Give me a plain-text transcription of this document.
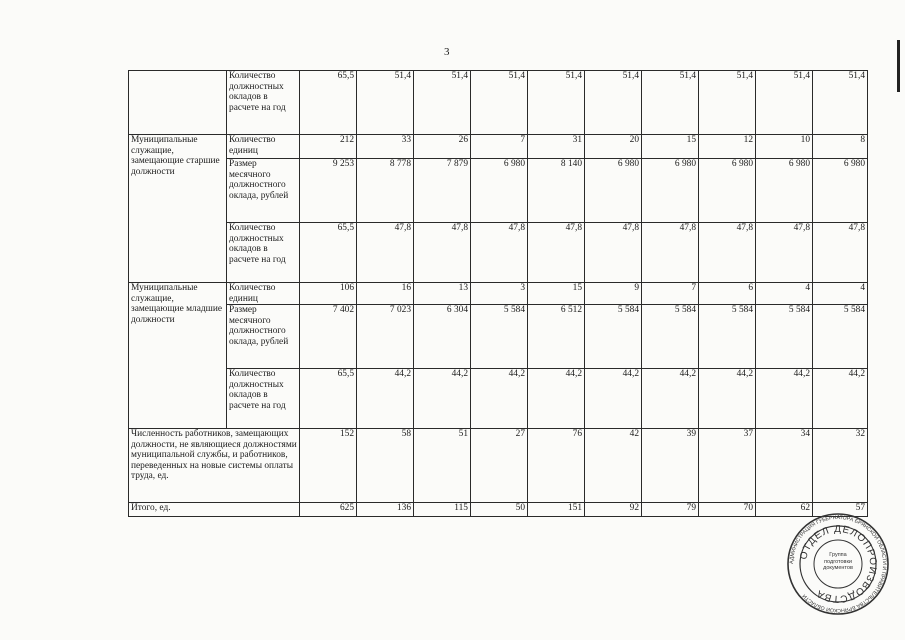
3
	Количество должностных окладов в расчете на год	65,5	51,4	51,4	51,4	51,4	51,4	51,4	51,4	51,4	51,4
Муниципальные служащие, замещающие старшие должности	Количество единиц	212	33	26	7	31	20	15	12	10	8
	Размер месячного должностного оклада, рублей	9 253	8 778	7 879	6 980	8 140	6 980	6 980	6 980	6 980	6 980
	Количество должностных окладов в расчете на год	65,5	47,8	47,8	47,8	47,8	47,8	47,8	47,8	47,8	47,8
Муниципальные служащие, замещающие младшие должности	Количество единиц	106	16	13	3	15	9	7	6	4	4
	Размер месячного должностного оклада, рублей	7 402	7 023	6 304	5 584	6 512	5 584	5 584	5 584	5 584	5 584
	Количество должностных окладов в расчете на год	65,5	44,2	44,2	44,2	44,2	44,2	44,2	44,2	44,2	44,2
Численность работников, замещающих должности, не являющиеся должностями муниципальной службы, и работников, переведенных на новые системы оплаты труда, ед.		152	58	51	27	76	42	39	37	34	32
Итого, ед.		625	136	115	50	151	92	79	70	62	57
АДМИНИСТРАЦИЯ ГУБЕРНАТОРА БРЯНСКОЙ ОБЛАСТИ И ПРАВИТЕЛЬСТВА БРЯНСКОЙ ОБЛАСТИ
ОТДЕЛ ДЕЛОПРОИЗВОДСТВА
Группа подготовки документов
